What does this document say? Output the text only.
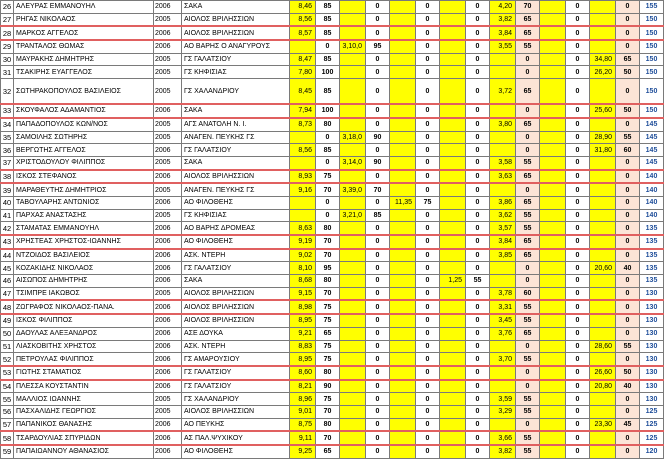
26	ΑΛΕΥΡΑΣ ΕΜΜΑΝΟΥΗΛ	2006	ΣΑΚΑ	8,46	85		0		0		0	4,20	70		0		0	155
27	ΡΗΓΑΣ ΝΙΚΟΛΑΟΣ	2005	ΑΙΟΛΟΣ ΒΡΙΛΗΣΣΙΩΝ	8,56	85		0		0		0	3,82	65		0		0	150
28	ΜΑΡΚΟΣ ΑΓΓΕΛΟΣ	2006	ΑΙΟΛΟΣ ΒΡΙΛΗΣΣΙΩΝ	8,57	85		0		0		0	3,84	65		0		0	150
29	ΤΡΑΝΤΑΛΟΣ ΘΩΜΑΣ	2006	ΑΟ ΒΑΡΗΣ Ο ΑΝΑΓΥΡΟΥΣ		0	3,10,0	95		0		0	3,55	55		0		0	150
30	ΜΑΥΡΑΚΗΣ ΔΗΜΗΤΡΗΣ	2005	ΓΣ ΓΑΛΑΤΣΙΟΥ	8,47	85		0		0		0		0		0	34,80	65	150
31	ΤΣΑΚΙΡΗΣ ΕΥΑΓΓΕΛΟΣ	2005	ΓΣ ΚΗΦΙΣΙΑΣ	7,80	100		0		0		0		0		0	26,20	50	150
32	ΣΩΤΗΡΑΚΟΠΟΥΛΟΣ ΒΑΣΙΛΕΙΟΣ	2005	ΓΣ ΧΑΛΑΝΔΡΙΟΥ	8,45	85		0		0		0	3,72	65		0		0	150
33	ΣΚΟΥΦΑΛΟΣ ΑΔΑΜΑΝΤΙΟΣ	2006	ΣΑΚΑ	7,94	100		0		0		0		0		0	25,60	50	150
34	ΠΑΠΑΔΟΠΟΥΛΟΣ ΚΩΝ/ΝΟΣ	2005	ΑΓΣ ΑΝΑΤΟΛΗ Ν. Ι.	8,73	80		0		0		0	3,80	65		0		0	145
35	ΣΑΜΟΙΛΗΣ ΣΩΤΗΡΗΣ	2005	ΑΝΑΓΕΝ. ΠΕΥΚΗΣ ΓΣ		0	3,18,0	90		0		0		0		0	28,90	55	145
36	ΒΕΡΓΩΤΗΣ ΑΓΓΕΛΟΣ	2006	ΓΣ ΓΑΛΑΤΣΙΟΥ	8,56	85		0		0		0		0		0	31,80	60	145
37	ΧΡΙΣΤΟΔΟΥΛΟΥ ΦΙΛΙΠΠΟΣ	2005	ΣΑΚΑ		0	3,14,0	90		0		0	3,58	55		0		0	145
38	ΙΣΚΟΣ ΣΤΕΦΑΝΟΣ	2006	ΑΙΟΛΟΣ ΒΡΙΛΗΣΣΙΩΝ	8,93	75		0		0		0	3,63	65		0		0	140
39	ΜΑΡΑΘΕΥΤΗΣ ΔΗΜΗΤΡΙΟΣ	2005	ΑΝΑΓΕΝ. ΠΕΥΚΗΣ ΓΣ	9,16	70	3,39,0	70		0		0		0		0		0	140
40	ΤΑΒΟΥΛΑΡΗΣ ΑΝΤΩΝΙΟΣ	2006	ΑΟ ΦΙΛΟΘΕΗΣ		0		0	11,35	75		0	3,86	65		0		0	140
41	ΠΑΡΧΑΣ ΑΝΑΣΤΑΣΗΣ	2005	ΓΣ ΚΗΦΙΣΙΑΣ		0	3,21,0	85		0		0	3,62	55		0		0	140
42	ΣΤΑΜΑΤΑΣ ΕΜΜΑΝΟΥΗΛ	2006	ΑΟ ΒΑΡΗΣ ΔΡΟΜΕΑΣ	8,63	80		0		0		0	3,57	55		0		0	135
43	ΧΡΗΣΤΕΑΣ ΧΡΗΣΤΟΣ-ΙΩΑΝΝΗΣ	2006	ΑΟ ΦΙΛΟΘΕΗΣ	9,19	70		0		0		0	3,84	65		0		0	135
44	ΝΤΖΟΙΔΟΣ ΒΑΣΙΛΕΙΟΣ	2006	ΑΣΚ. ΝΤΕΡΗ	9,02	70		0		0		0	3,85	65		0		0	135
45	ΚΟΖΑΚΙΔΗΣ ΝΙΚΟΛΑΟΣ	2006	ΓΣ ΓΑΛΑΤΣΙΟΥ	8,10	95		0		0		0		0		0	20,60	40	135
46	ΑΙΣΩΠΟΣ ΔΗΜΗΤΡΗΣ	2006	ΣΑΚΑ	8,68	80		0		0	1,25	55		0		0		0	135
47	ΤΣΙΜΠΡΕ ΙΑΚΩΒΟΣ	2005	ΑΙΟΛΟΣ ΒΡΙΛΗΣΣΙΩΝ	9,15	70		0		0		0	3,78	60		0		0	130
48	ΖΩΓΡΑΦΟΣ ΝΙΚΟΛΑΟΣ-ΠΑΝΑ.	2006	ΑΙΟΛΟΣ ΒΡΙΛΗΣΣΙΩΝ	8,98	75		0		0		0	3,31	55		0		0	130
49	ΙΣΚΟΣ ΦΙΛΙΠΠΟΣ	2006	ΑΙΟΛΟΣ ΒΡΙΛΗΣΣΙΩΝ	8,95	75		0		0		0	3,45	55		0		0	130
50	ΔΑΟΥΛΑΣ ΑΛΕΞΑΝΔΡΟΣ	2006	ΑΣΕ ΔΟΥΚΑ	9,21	65		0		0		0	3,76	65		0		0	130
51	ΛΙΑΣΚΟΒΙΤΗΣ ΧΡΗΣΤΟΣ	2006	ΑΣΚ. ΝΤΕΡΗ	8,83	75		0		0		0		0		0	28,60	55	130
52	ΠΕΤΡΟΥΛΑΣ ΦΙΛΙΠΠΟΣ	2006	ΓΣ ΑΜΑΡΟΥΣΙΟΥ	8,95	75		0		0		0	3,70	55		0		0	130
53	ΓΙΩΤΗΣ ΣΤΑΜΑΤΙΟΣ	2006	ΓΣ ΓΑΛΑΤΣΙΟΥ	8,60	80		0		0		0		0		0	26,60	50	130
54	ΠΛΕΣΣΑ ΚΟΥΣΤΑΝΤΙΝ	2006	ΓΣ ΓΑΛΑΤΣΙΟΥ	8,21	90		0		0		0		0		0	20,80	40	130
55	ΜΑΛΛΙΟΣ ΙΩΑΝΝΗΣ	2005	ΓΣ ΧΑΛΑΝΔΡΙΟΥ	8,96	75		0		0		0	3,59	55		0		0	130
56	ΠΑΣΧΑΛΙΔΗΣ ΓΕΩΡΓΙΟΣ	2005	ΑΙΟΛΟΣ ΒΡΙΛΗΣΣΙΩΝ	9,01	70		0		0		0	3,29	55		0		0	125
57	ΠΑΠΑΝΙΚΟΣ ΘΑΝΑΣΗΣ	2006	ΑΟ ΠΕΥΚΗΣ	8,75	80		0		0		0		0		0	23,30	45	125
58	ΤΣΑΡΔΟΥΛΙΑΣ ΣΠΥΡΙΔΩΝ	2006	ΑΣ ΠΑΛ.ΨΥΧΙΚΟΥ	9,11	70		0		0		0	3,66	55		0		0	125
59	ΠΑΠΑΙΩΑΝΝΟΥ ΑΘΑΝΑΣΙΟΣ	2006	ΑΟ ΦΙΛΟΘΕΗΣ	9,25	65		0		0		0	3,82	55		0		0	120
